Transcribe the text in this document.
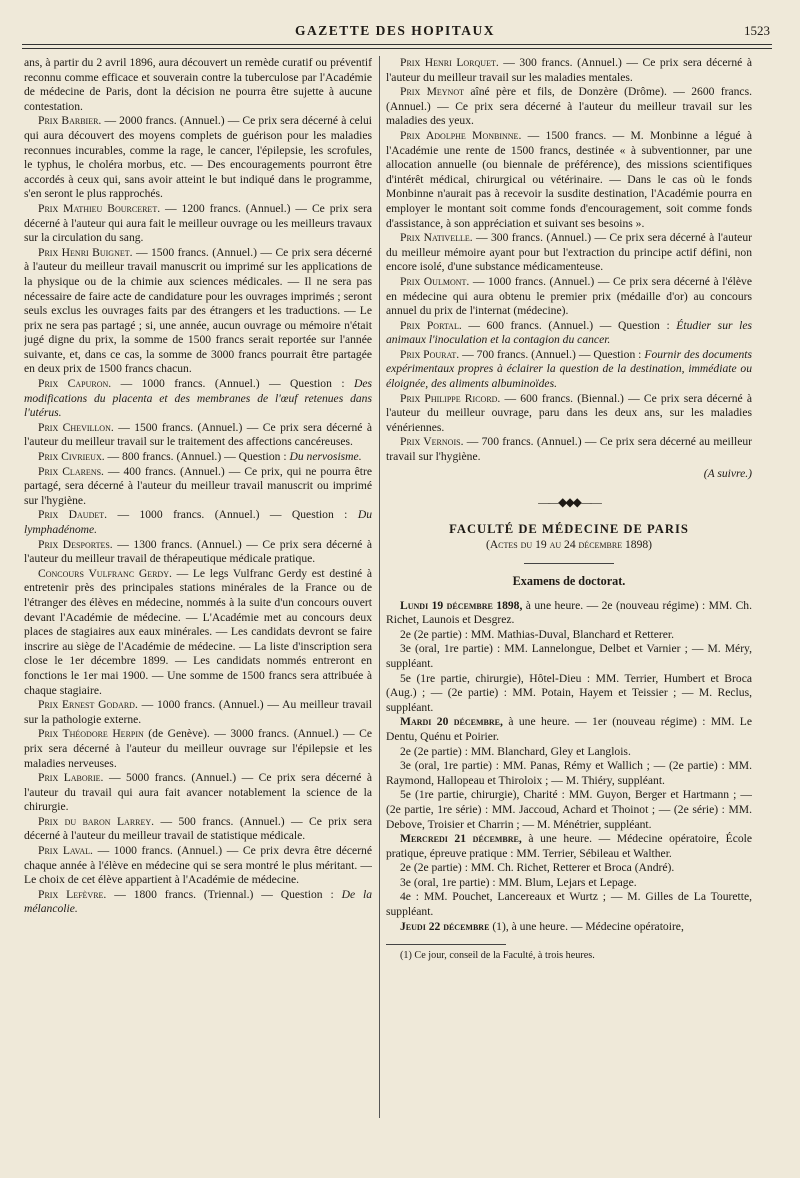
GAZETTE DES HOPITAUX	1523

ans, à partir du 2 avril 1896, aura découvert un remède curatif ou préventif reconnu comme efficace et souverain contre la tuberculose par l'Académie de médecine de Paris, dont la décision ne pourra être sujette à aucune contestation.

Prix Barbier. — 2000 francs. (Annuel.) — Ce prix sera décerné à celui qui aura découvert des moyens complets de guérison pour les maladies reconnues incurables, comme la rage, le cancer, l'épilepsie, les scrofules, le typhus, le choléra morbus, etc. — Des encouragements pourront être accordés à ceux qui, sans avoir atteint le but indiqué dans le programme, s'en seront le plus rapprochés.

Prix Mathieu Bourceret. — 1200 francs. (Annuel.) — Ce prix sera décerné à l'auteur qui aura fait le meilleur ouvrage ou les meilleurs travaux sur la circulation du sang.

Prix Henri Buignet. — 1500 francs. (Annuel.) — Ce prix sera décerné à l'auteur du meilleur travail manuscrit ou imprimé sur les applications de la physique ou de la chimie aux sciences médicales. — Il ne sera pas nécessaire de faire acte de candidature pour les ouvrages imprimés ; seront seuls exclus les ouvrages faits par des étrangers et les traductions. — Le prix ne sera pas partagé ; si, une année, aucun ouvrage ou mémoire n'était jugé digne du prix, la somme de 1500 francs serait reportée sur l'année suivante, et, dans ce cas, la somme de 3000 francs pourrait être partagée en deux prix de 1500 francs chacun.

Prix Capuron. — 1000 francs. (Annuel.) — Question : Des modifications du placenta et des membranes de l'œuf retenues dans l'utérus.

Prix Chevillon. — 1500 francs. (Annuel.) — Ce prix sera décerné à l'auteur du meilleur travail sur le traitement des affections cancéreuses.

Prix Civrieux. — 800 francs. (Annuel.) — Question : Du nervosisme.

Prix Clarens. — 400 francs. (Annuel.) — Ce prix, qui ne pourra être partagé, sera décerné à l'auteur du meilleur travail manuscrit ou imprimé sur l'hygiène.

Prix Daudet. — 1000 francs. (Annuel.) — Question : Du lymphadénome.

Prix Desportes. — 1300 francs. (Annuel.) — Ce prix sera décerné à l'auteur du meilleur travail de thérapeutique médicale pratique.

Concours Vulfranc Gerdy. — Le legs Vulfranc Gerdy est destiné à entretenir près des principales stations minérales de la France ou de l'étranger des élèves en médecine, nommés à la suite d'un concours ouvert devant l'Académie de médecine. — L'Académie met au concours deux places de stagiaires aux eaux minérales. — Les candidats devront se faire inscrire au siège de l'Académie de médecine. — La liste d'inscription sera close le 1er décembre 1899. — Les candidats nommés entreront en fonctions le 1er mai 1900. — Une somme de 1500 francs sera attribuée à chaque stagiaire.

Prix Ernest Godard. — 1000 francs. (Annuel.) — Au meilleur travail sur la pathologie externe.

Prix Théodore Herpin (de Genève). — 3000 francs. (Annuel.) — Ce prix sera décerné à l'auteur du meilleur ouvrage sur l'épilepsie et les maladies nerveuses.

Prix Laborie. — 5000 francs. (Annuel.) — Ce prix sera décerné à l'auteur du travail qui aura fait avancer notablement la science de la chirurgie.

Prix du baron Larrey. — 500 francs. (Annuel.) — Ce prix sera décerné à l'auteur du meilleur travail de statistique médicale.

Prix Laval. — 1000 francs. (Annuel.) — Ce prix devra être décerné chaque année à l'élève en médecine qui se sera montré le plus méritant. — Le choix de cet élève appartient à l'Académie de médecine.

Prix Lefèvre. — 1800 francs. (Triennal.) — Question : De la mélancolie.

Prix Henri Lorquet. — 300 francs. (Annuel.) — Ce prix sera décerné à l'auteur du meilleur travail sur les maladies mentales.

Prix Meynot aîné père et fils, de Donzère (Drôme). — 2600 francs. (Annuel.) — Ce prix sera décerné à l'auteur du meilleur travail sur les maladies des yeux.

Prix Adolphe Monbinne. — 1500 francs. — M. Monbinne a légué à l'Académie une rente de 1500 francs, destinée « à subventionner, par une allocation annuelle (ou biennale de préférence), des missions scientifiques d'intérêt médical, chirurgical ou vétérinaire. — Dans le cas où le fonds Monbinne n'aurait pas à recevoir la susdite destination, l'Académie pourra en employer le montant soit comme fonds d'encouragement, soit comme fonds d'assistance, à son appréciation et suivant ses besoins ».

Prix Nativelle. — 300 francs. (Annuel.) — Ce prix sera décerné à l'auteur du meilleur mémoire ayant pour but l'extraction du principe actif défini, non encore isolé, d'une substance médicamenteuse.

Prix Oulmont. — 1000 francs. (Annuel.) — Ce prix sera décerné à l'élève en médecine qui aura obtenu le premier prix (médaille d'or) au concours annuel du prix de l'internat (médecine).

Prix Portal. — 600 francs. (Annuel.) — Question : Étudier sur les animaux l'inoculation et la contagion du cancer.

Prix Pourat. — 700 francs. (Annuel.) — Question : Fournir des documents expérimentaux propres à éclairer la question de la destination, immédiate ou éloignée, des aliments albuminoïdes.

Prix Philippe Ricord. — 600 francs. (Biennal.) — Ce prix sera décerné à l'auteur du meilleur ouvrage, paru dans les deux ans, sur les maladies vénériennes.

Prix Vernois. — 700 francs. (Annuel.) — Ce prix sera décerné au meilleur travail sur l'hygiène.

(A suivre.)
——◆◆◆——
FACULTÉ DE MÉDECINE DE PARIS
(Actes du 19 au 24 décembre 1898)
Examens de doctorat.

Lundi 19 décembre 1898, à une heure. — 2e (nouveau régime) : MM. Ch. Richet, Launois et Desgrez.

2e (2e partie) : MM. Mathias-Duval, Blanchard et Retterer.

3e (oral, 1re partie) : MM. Lannelongue, Delbet et Varnier ; — M. Méry, suppléant.

5e (1re partie, chirurgie), Hôtel-Dieu : MM. Terrier, Humbert et Broca (Aug.) ; — (2e partie) : MM. Potain, Hayem et Teissier ; — M. Reclus, suppléant.

Mardi 20 décembre, à une heure. — 1er (nouveau régime) : MM. Le Dentu, Quénu et Poirier.

2e (2e partie) : MM. Blanchard, Gley et Langlois.

3e (oral, 1re partie) : MM. Panas, Rémy et Wallich ; — (2e partie) : MM. Raymond, Hallopeau et Thiroloix ; — M. Thiéry, suppléant.

5e (1re partie, chirurgie), Charité : MM. Guyon, Berger et Hartmann ; — (2e partie, 1re série) : MM. Jaccoud, Achard et Thoinot ; — (2e série) : MM. Debove, Troisier et Charrin ; — M. Ménétrier, suppléant.

Mercredi 21 décembre, à une heure. — Médecine opératoire, École pratique, épreuve pratique : MM. Terrier, Sébileau et Walther.

2e (2e partie) : MM. Ch. Richet, Retterer et Broca (André).

3e (oral, 1re partie) : MM. Blum, Lejars et Lepage.

4e : MM. Pouchet, Lancereaux et Wurtz ; — M. Gilles de La Tourette, suppléant.

Jeudi 22 décembre (1), à une heure. — Médecine opératoire,

(1) Ce jour, conseil de la Faculté, à trois heures.
